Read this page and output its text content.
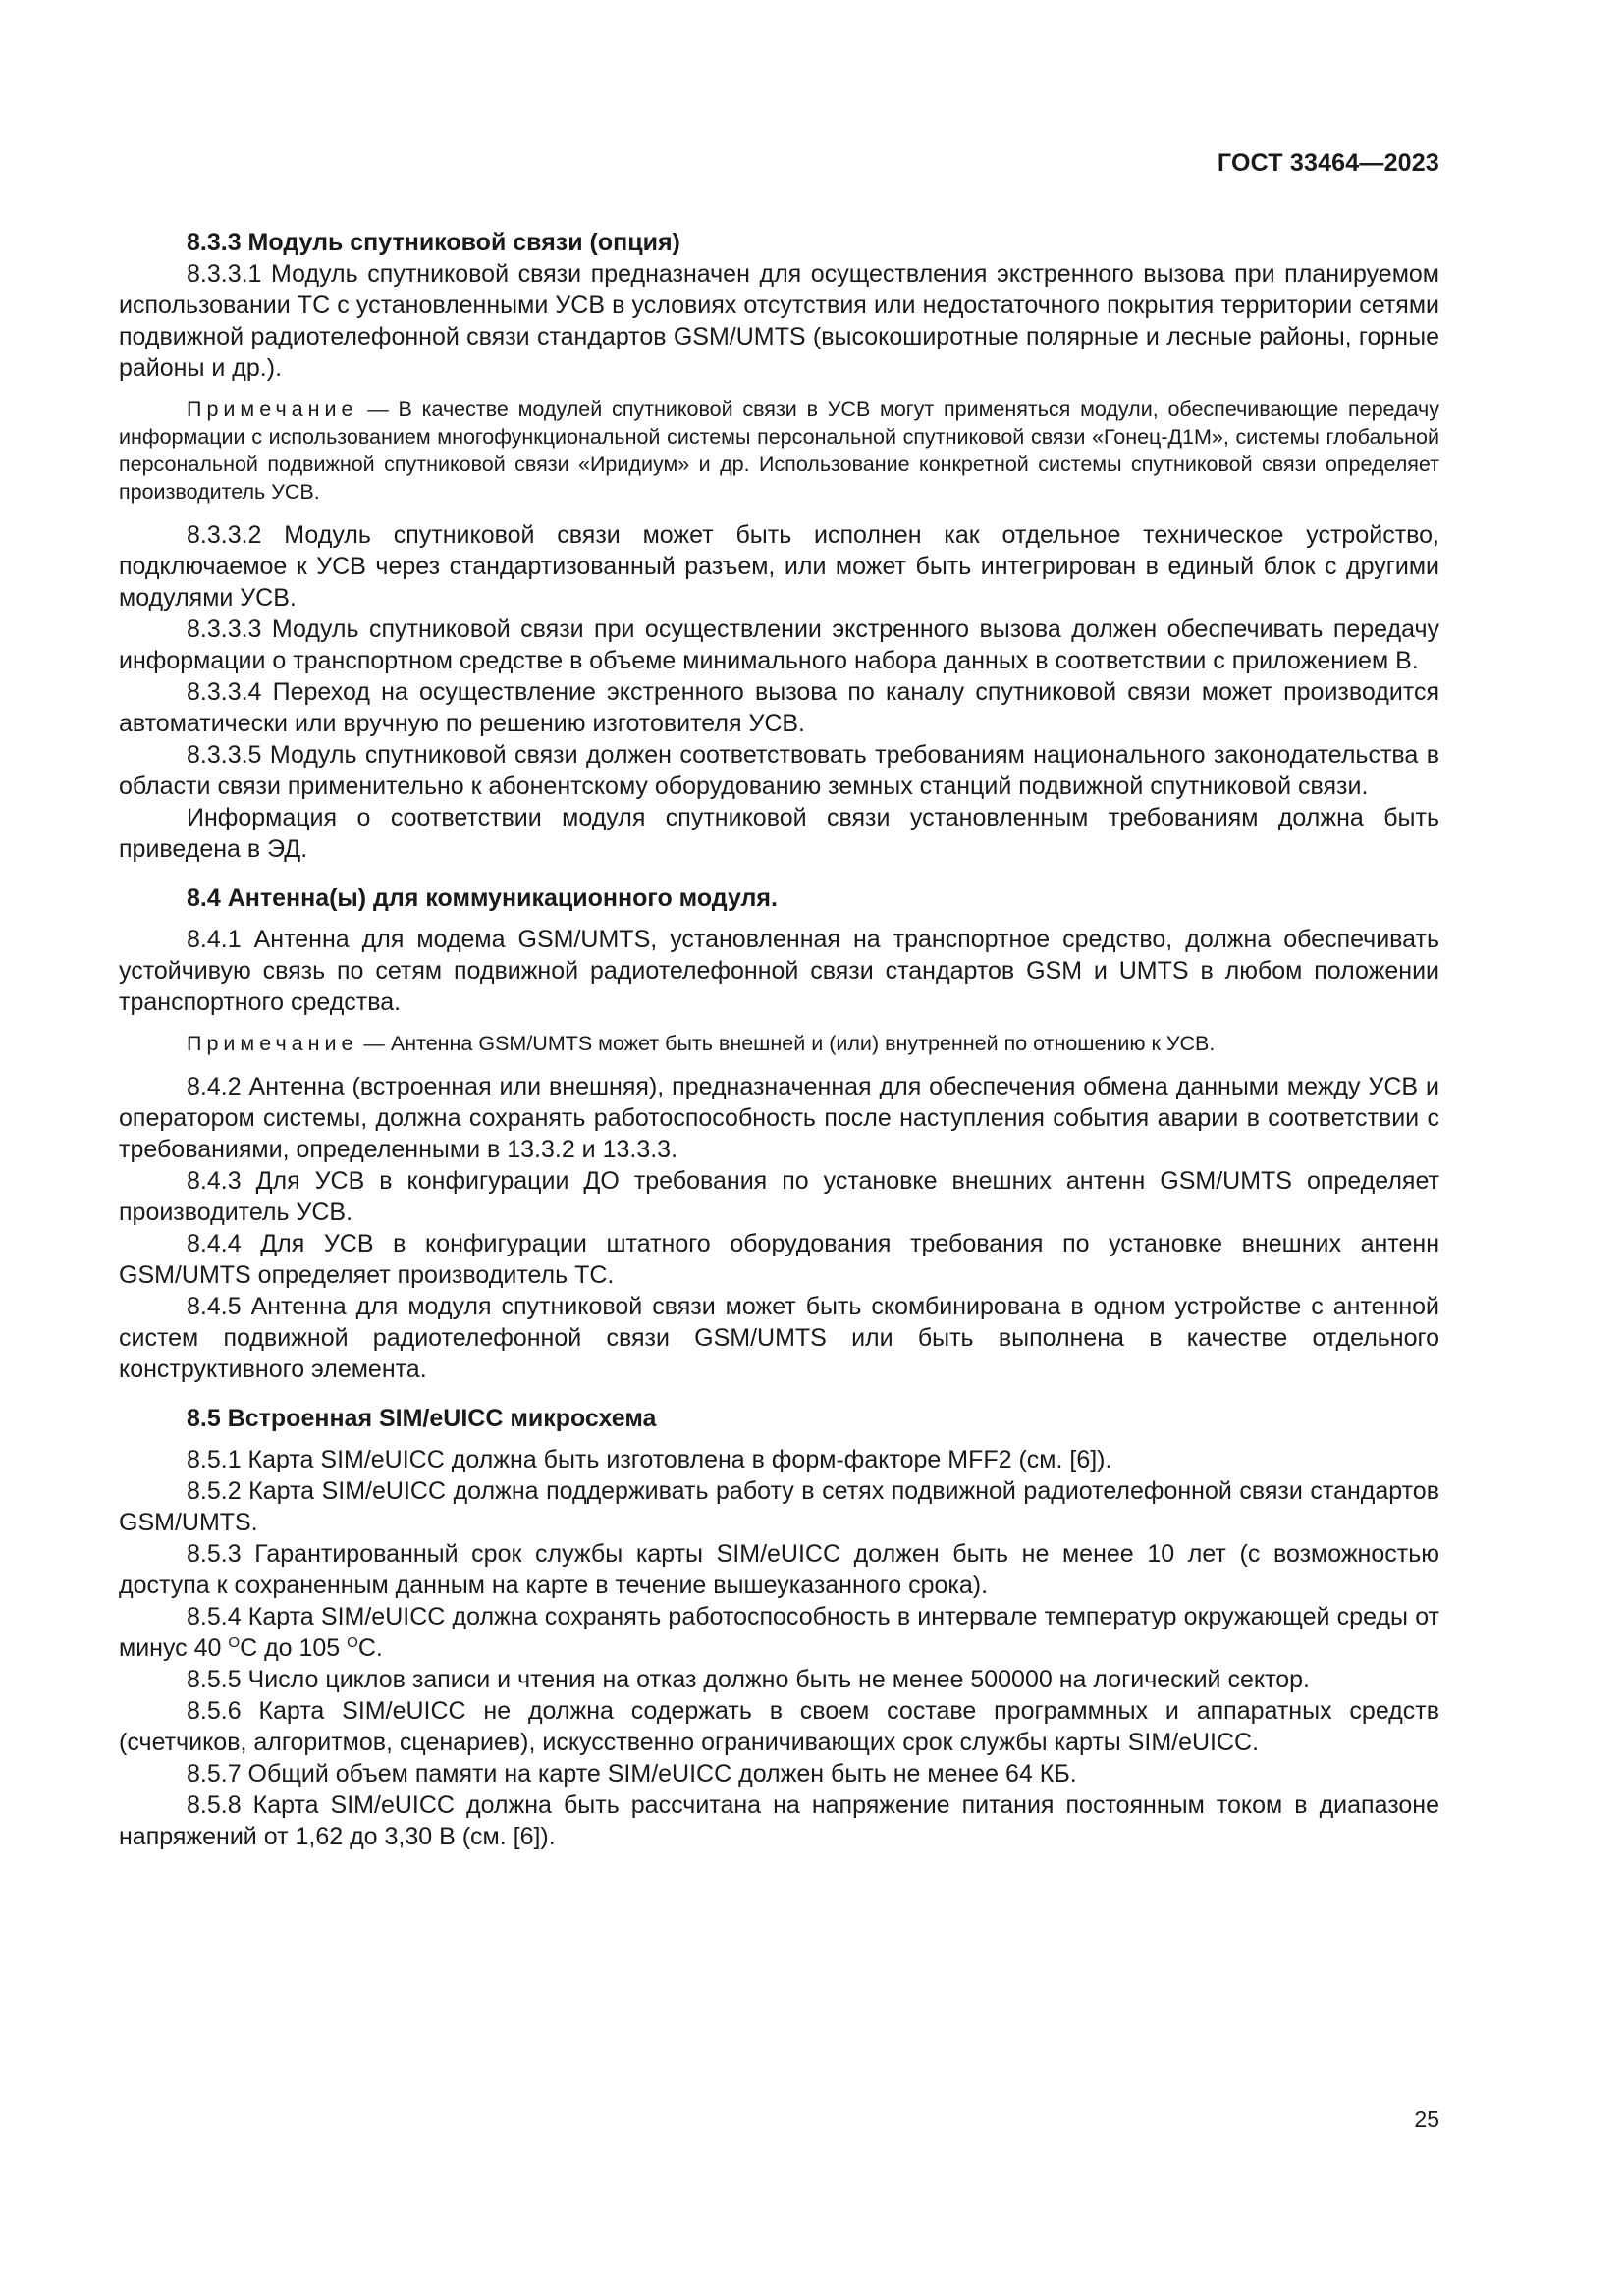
ГОСТ 33464—2023

8.3.3 Модуль спутниковой связи (опция)

8.3.3.1 Модуль спутниковой связи предназначен для осуществления экстренного вызова при планируемом использовании ТС с установленными УСВ в условиях отсутствия или недостаточного покрытия территории сетями подвижной радиотелефонной связи стандартов GSM/UMTS (высокоширотные полярные и лесные районы, горные районы и др.).

Примечание — В качестве модулей спутниковой связи в УСВ могут применяться модули, обеспечивающие передачу информации с использованием многофункциональной системы персональной спутниковой связи «Гонец-Д1М», системы глобальной персональной подвижной спутниковой связи «Иридиум» и др. Использование конкретной системы спутниковой связи определяет производитель УСВ.

8.3.3.2 Модуль спутниковой связи может быть исполнен как отдельное техническое устройство, подключаемое к УСВ через стандартизованный разъем, или может быть интегрирован в единый блок с другими модулями УСВ.

8.3.3.3 Модуль спутниковой связи при осуществлении экстренного вызова должен обеспечивать передачу информации о транспортном средстве в объеме минимального набора данных в соответствии с приложением В.

8.3.3.4 Переход на осуществление экстренного вызова по каналу спутниковой связи может производится автоматически или вручную по решению изготовителя УСВ.

8.3.3.5 Модуль спутниковой связи должен соответствовать требованиям национального законодательства в области связи применительно к абонентскому оборудованию земных станций подвижной спутниковой связи.

Информация о соответствии модуля спутниковой связи установленным требованиям должна быть приведена в ЭД.

8.4 Антенна(ы) для коммуникационного модуля.

8.4.1 Антенна для модема GSM/UMTS, установленная на транспортное средство, должна обеспечивать устойчивую связь по сетям подвижной радиотелефонной связи стандартов GSM и UMTS в любом положении транспортного средства.

Примечание — Антенна GSM/UMTS может быть внешней и (или) внутренней по отношению к УСВ.

8.4.2 Антенна (встроенная или внешняя), предназначенная для обеспечения обмена данными между УСВ и оператором системы, должна сохранять работоспособность после наступления события аварии в соответствии с требованиями, определенными в 13.3.2 и 13.3.3.

8.4.3 Для УСВ в конфигурации ДО требования по установке внешних антенн GSM/UMTS определяет производитель УСВ.

8.4.4 Для УСВ в конфигурации штатного оборудования требования по установке внешних антенн GSM/UMTS определяет производитель ТС.

8.4.5 Антенна для модуля спутниковой связи может быть скомбинирована в одном устройстве с антенной систем подвижной радиотелефонной связи GSM/UMTS или быть выполнена в качестве отдельного конструктивного элемента.

8.5 Встроенная SIM/eUICC микросхема

8.5.1 Карта SIM/eUICC должна быть изготовлена в форм-факторе MFF2 (см. [6]).

8.5.2 Карта SIM/eUICC должна поддерживать работу в сетях подвижной радиотелефонной связи стандартов GSM/UMTS.

8.5.3 Гарантированный срок службы карты SIM/eUICC должен быть не менее 10 лет (с возможностью доступа к сохраненным данным на карте в течение вышеуказанного срока).

8.5.4 Карта SIM/eUICC должна сохранять работоспособность в интервале температур окружающей среды от минус 40 $^О$С до 105 $^О$С.

8.5.5 Число циклов записи и чтения на отказ должно быть не менее 500000 на логический сектор.

8.5.6 Карта SIM/eUICC не должна содержать в своем составе программных и аппаратных средств (счетчиков, алгоритмов, сценариев), искусственно ограничивающих срок службы карты SIM/eUICC.

8.5.7 Общий объем памяти на карте SIM/eUICC должен быть не менее 64 КБ.

8.5.8 Карта SIM/eUICC должна быть рассчитана на напряжение питания постоянным током в диапазоне напряжений от 1,62 до 3,30 В (см. [6]).

25
